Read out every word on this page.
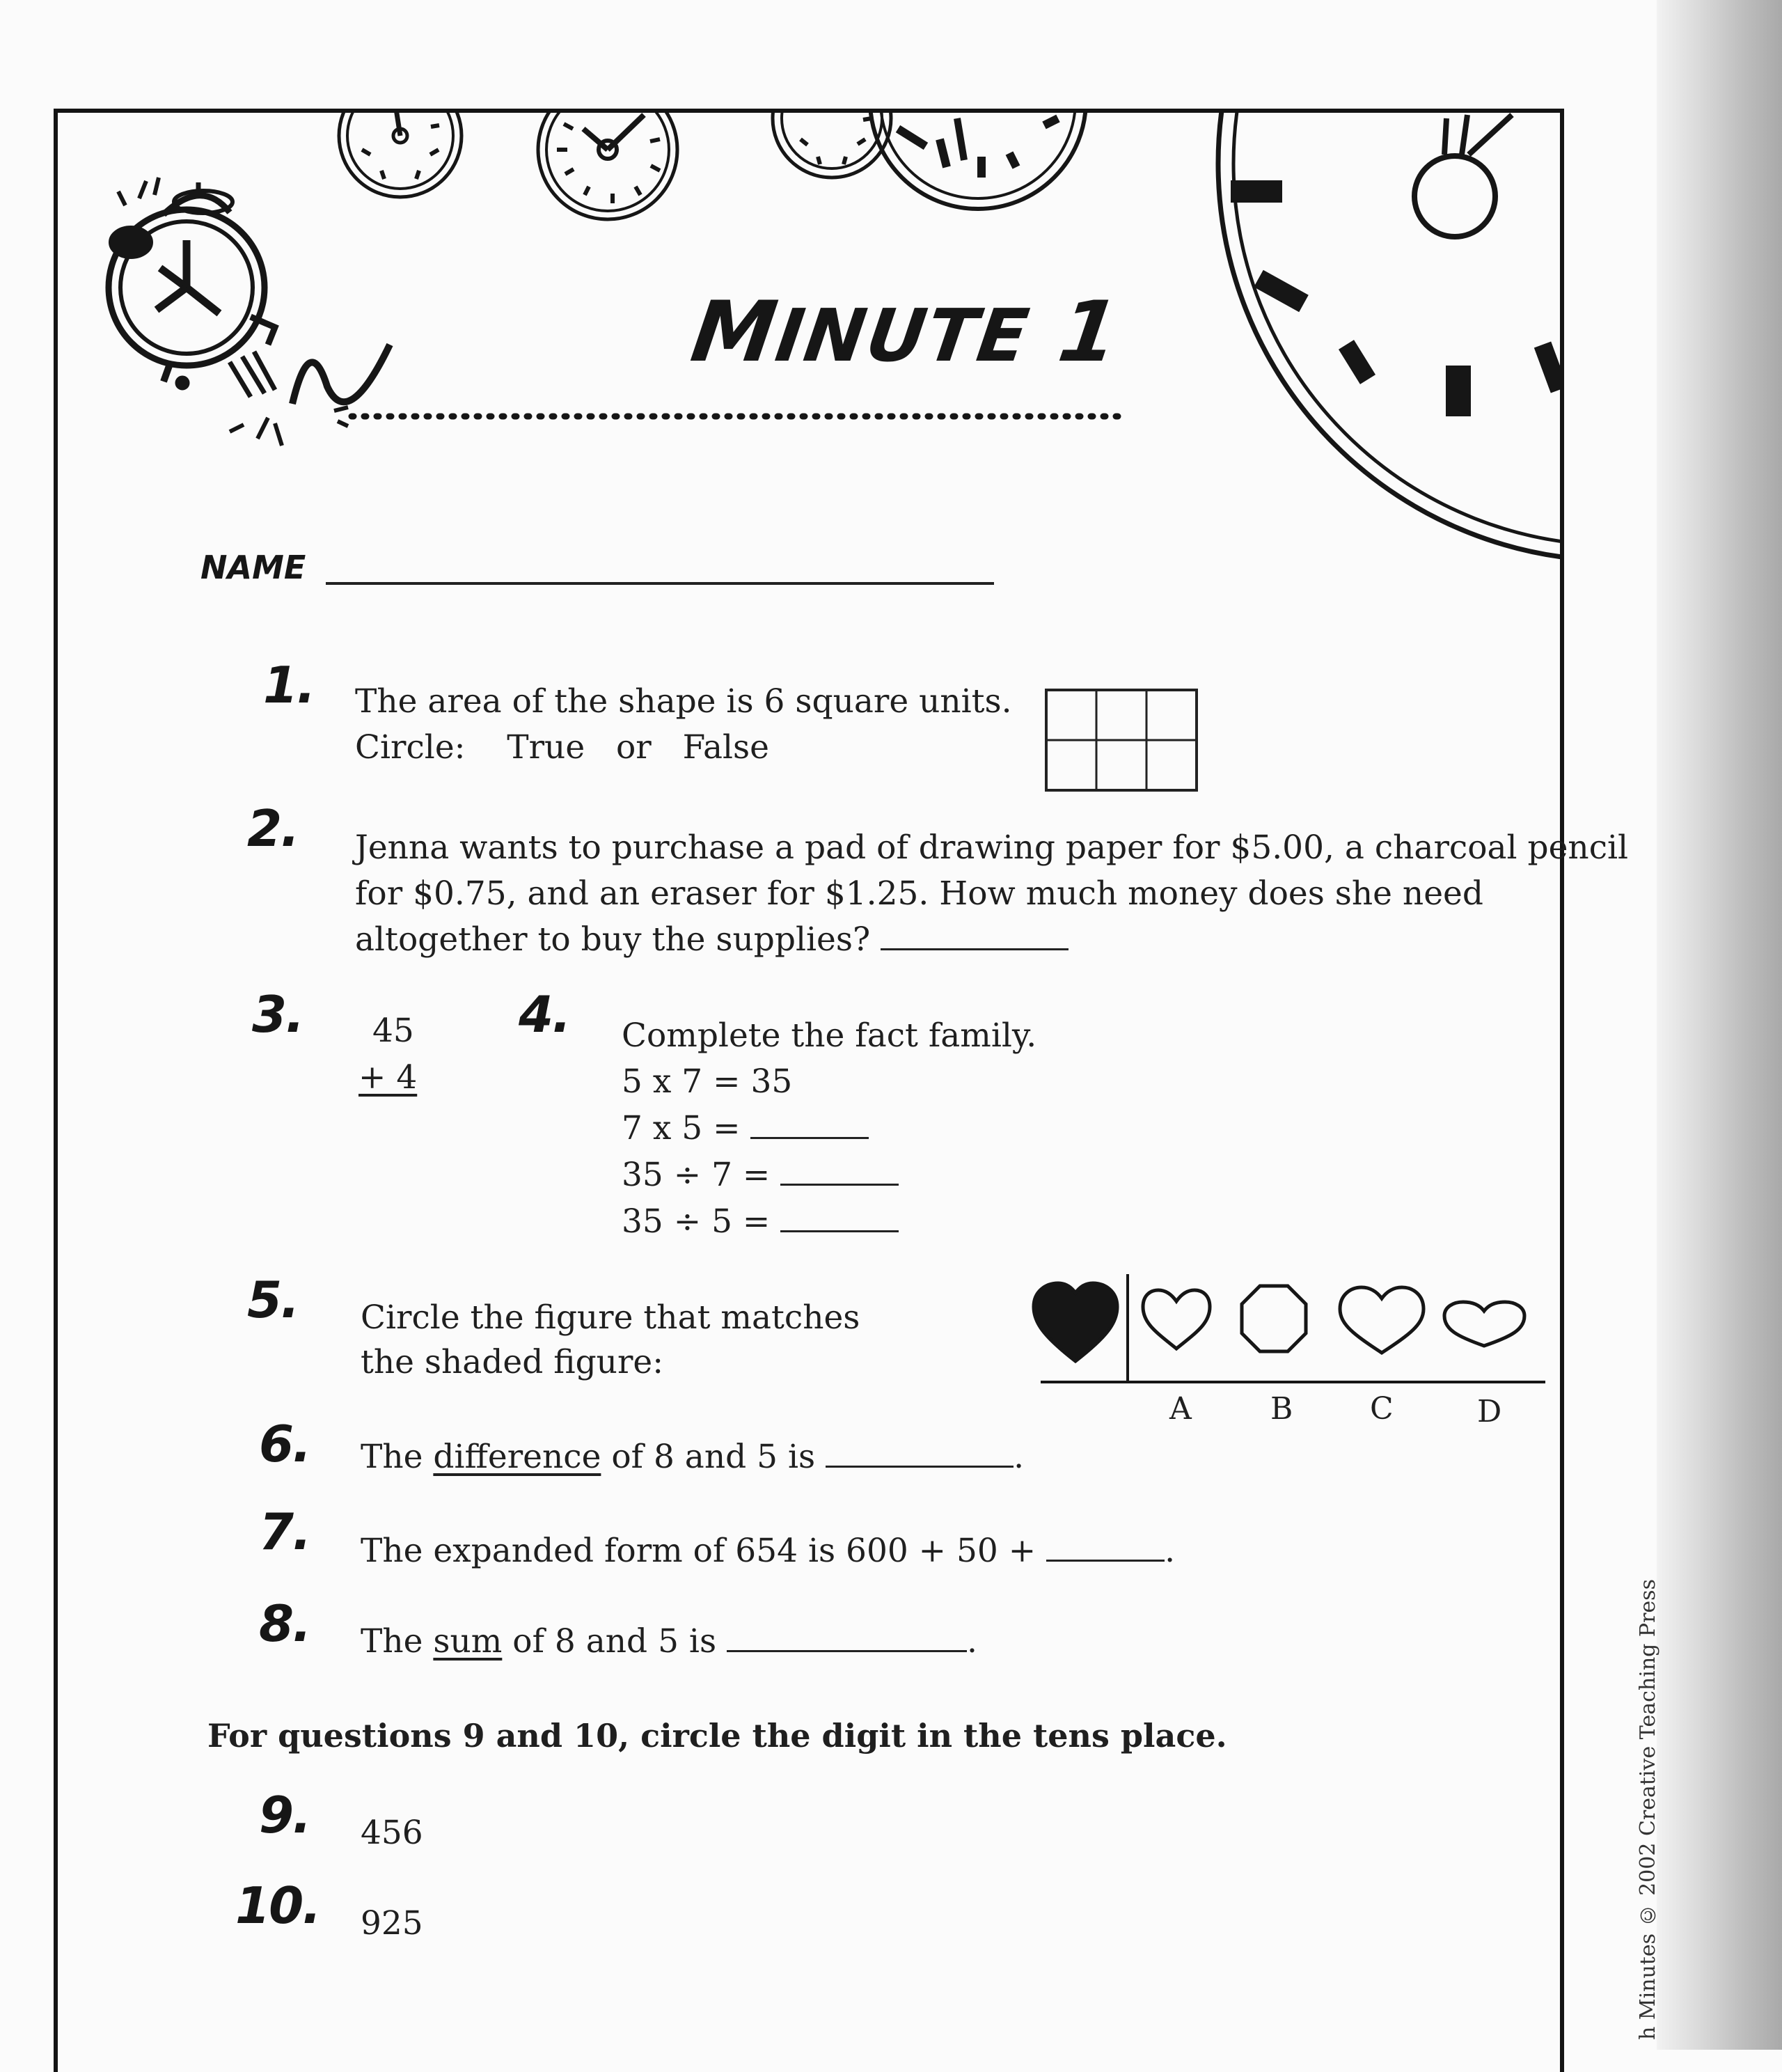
MINUTE 1
NAME
1. The area of the shape is 6 square units.
Circle: True or False
2. Jenna wants to purchase a pad of drawing paper for $5.00, a charcoal pencil
for $0.75, and an eraser for $1.25. How much money does she need
altogether to buy the supplies?
3. 45
+ 4
4. Complete the fact family.
5 x 7 = 35
7 x 5 =
35 ÷ 7 =
35 ÷ 5 =
5. Circle the figure that matches
the shaded figure:
A	B	C	D
6. The difference of 8 and 5 is	.
7. The expanded form of 654 is 600 + 50 +	.
8. The sum of 8 and 5 is	.
For questions 9 and 10, circle the digit in the tens place.
9. 456
10. 925	h Minutes © 2002 Creative Teaching Press
